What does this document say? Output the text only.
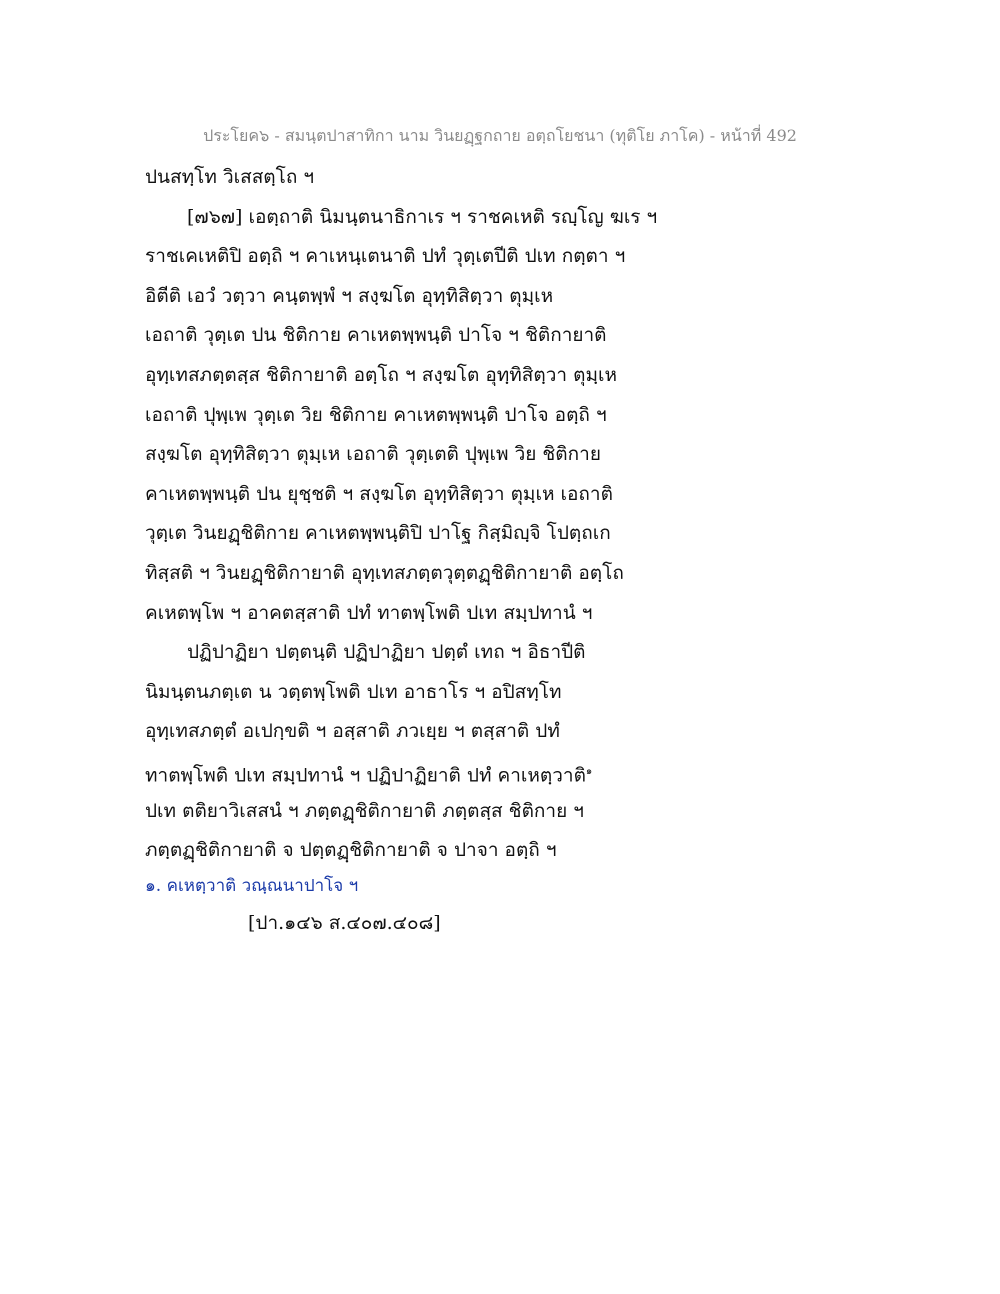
ประโยค๖ - สมนฺตปาสาทิกา นาม วินยฏฺฐกถาย อตฺถโยชนา (ทุติโย ภาโค) - หน้าที่ 492
ปนสทฺโท วิเสสตฺโถ ฯ
[๗๖๗] เอตฺถาติ นิมนฺตนาธิกาเร ฯ ราชคเหติ รญฺโญ ฆเร ฯ
ราชเคเหติปิ อตฺถิ ฯ คาเหนฺเตนาติ ปทํ วุตฺเตปีติ ปเท กตฺตา ฯ
อิตีติ เอวํ วตฺวา คนฺตพฺพํ ฯ สงฺฆโต อุทฺทิสิตฺวา ตุมฺเห
เอถาติ วุตฺเต ปน ชิติกาย คาเหตพฺพนฺติ ปาโจ ฯ ชิติกายาติ
อุทฺเทสภตฺตสฺส ชิติกายาติ อตฺโถ ฯ สงฺฆโต อุทฺทิสิตฺวา ตุมฺเห
เอถาติ ปุพฺเพ วุตฺเต วิย ชิติกาย คาเหตพฺพนฺติ ปาโจ อตฺถิ ฯ
สงฺฆโต อุทฺทิสิตฺวา ตุมฺเห เอถาติ วุตฺเตติ ปุพฺเพ วิย ชิติกาย
คาเหตพฺพนฺติ ปน ยุชฺชติ ฯ สงฺฆโต อุทฺทิสิตฺวา ตุมฺเห เอถาติ
วุตฺเต วินยฏฺชิติกาย คาเหตพฺพนฺติปิ ปาโฐ กิสฺมิญฺจิ โปตฺถเก
ทิสฺสติ ฯ วินยฏฺชิติกายาติ อุทฺเทสภตฺตวุตฺตฏฺชิติกายาติ อตฺโถ
คเหตพฺโพ ฯ อาคตสฺสาติ ปทํ ทาตพฺโพติ ปเท สมฺปทานํ ฯ
ปฏิปาฏิยา ปตฺตนฺติ ปฏิปาฏิยา ปตฺตํ เทถ ฯ อิธาปีติ
นิมนฺตนภตฺเต น วตฺตพฺโพติ ปเท อาธาโร ฯ อปิสทฺโท
อุทฺเทสภตฺตํ อเปกฺขติ ฯ อสฺสาติ ภวเยฺย ฯ ตสฺสาติ ปทํ
ทาตพฺโพติ ปเท สมฺปทานํ ฯ ปฏิปาฏิยาติ ปทํ คาเหตฺวาติ$^๑$
ปเท ตติยาวิเสสนํ ฯ ภตฺตฏฺชิติกายาติ ภตฺตสฺส ชิติกาย ฯ
ภตฺตฏฺชิติกายาติ จ ปตฺตฏฺชิติกายาติ จ ปาจา อตฺถิ ฯ
๑. คเหตฺวาติ วณฺณนาปาโจ ฯ
[ปา.๑๔๖ ส.๔๐๗.๔๐๘]
